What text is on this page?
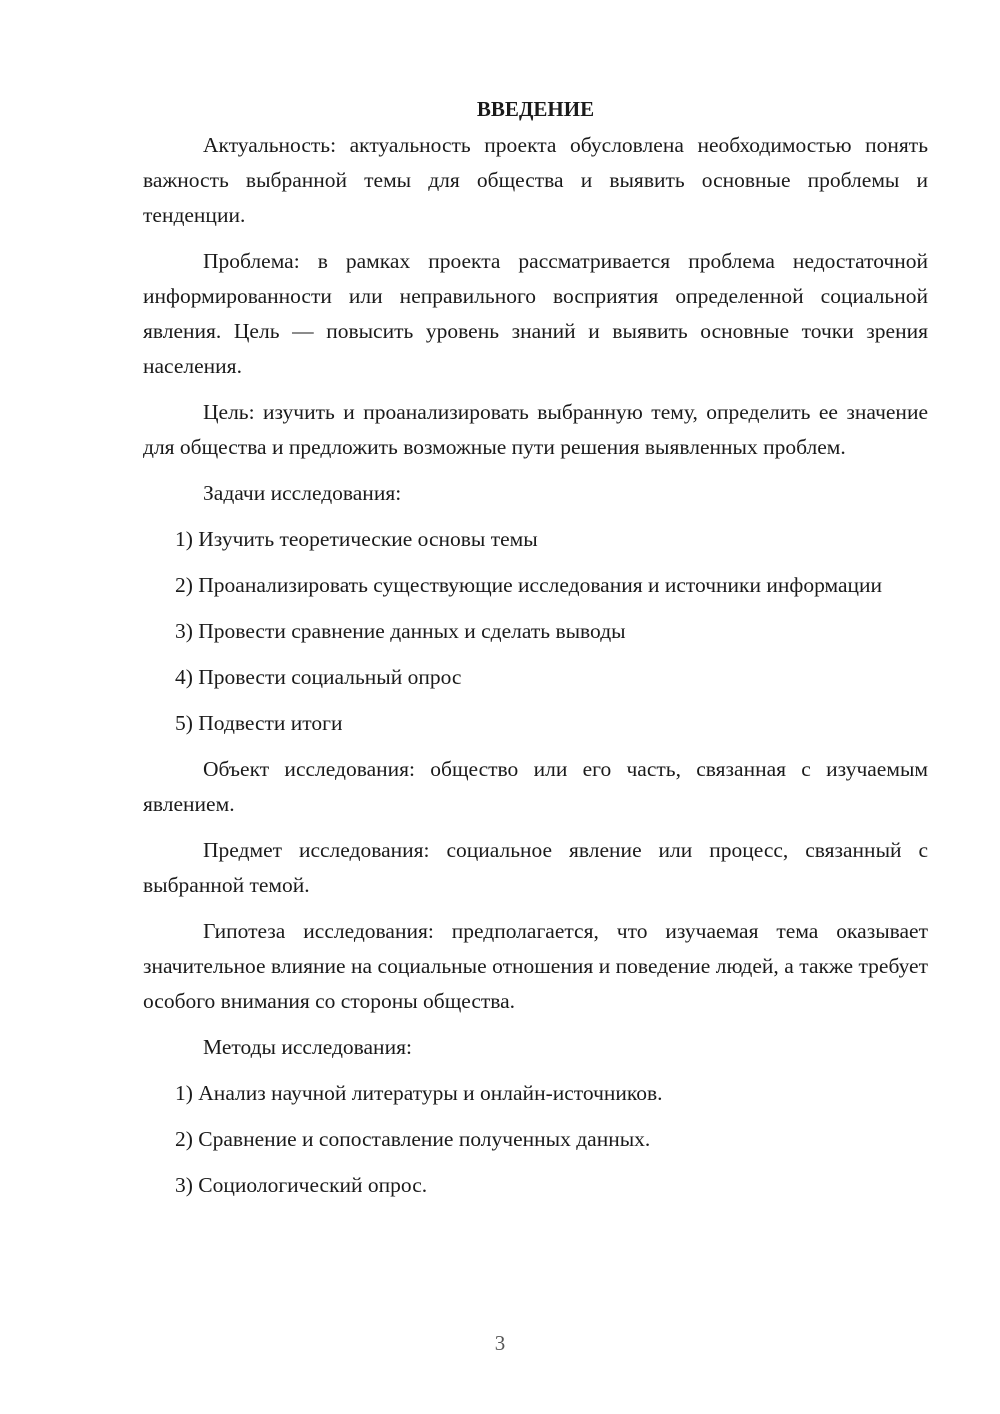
ВВЕДЕНИЕ

Актуальность: актуальность проекта обусловлена необходимостью понять важность выбранной темы для общества и выявить основные проблемы и тенденции.

Проблема: в рамках проекта рассматривается проблема недостаточной информированности или неправильного восприятия определенной социальной явления. Цель — повысить уровень знаний и выявить основные точки зрения населения.

Цель: изучить и проанализировать выбранную тему, определить ее значение для общества и предложить возможные пути решения выявленных проблем.

Задачи исследования:

1) Изучить теоретические основы темы

2) Проанализировать существующие исследования и источники информации

3) Провести сравнение данных и сделать выводы

4) Провести социальный опрос

5) Подвести итоги

Объект исследования: общество или его часть, связанная с изучаемым явлением.

Предмет исследования: социальное явление или процесс, связанный с выбранной темой.

Гипотеза исследования: предполагается, что изучаемая тема оказывает значительное влияние на социальные отношения и поведение людей, а также требует особого внимания со стороны общества.

Методы исследования:

1) Анализ научной литературы и онлайн-источников.

2) Сравнение и сопоставление полученных данных.

3) Социологический опрос.

3
